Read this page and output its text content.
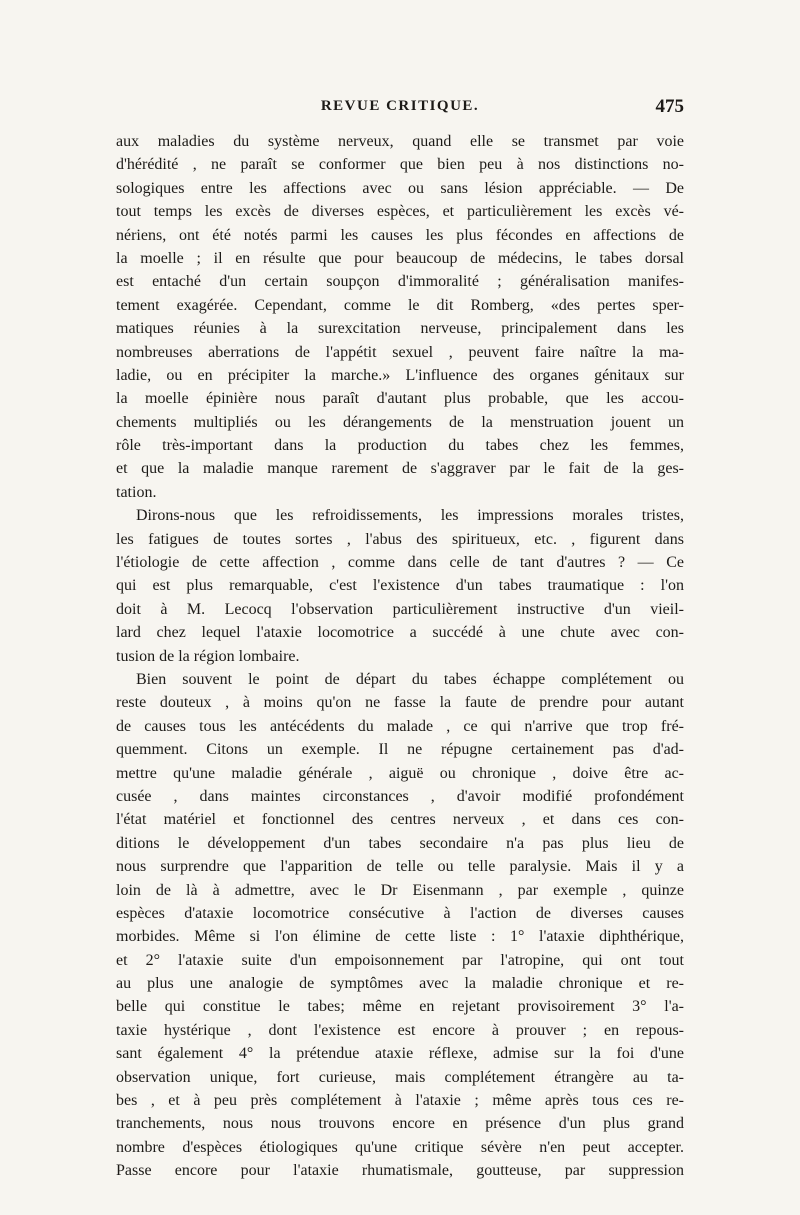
REVUE CRITIQUE.	475
aux maladies du système nerveux, quand elle se transmet par voie
d'hérédité , ne paraît se conformer que bien peu à nos distinctions no-
sologiques entre les affections avec ou sans lésion appréciable. — De
tout temps les excès de diverses espèces, et particulièrement les excès vé-
nériens, ont été notés parmi les causes les plus fécondes en affections de
la moelle ; il en résulte que pour beaucoup de médecins, le tabes dorsal
est entaché d'un certain soupçon d'immoralité ; généralisation manifes-
tement exagérée. Cependant, comme le dit Romberg, «des pertes sper-
matiques réunies à la surexcitation nerveuse, principalement dans les
nombreuses aberrations de l'appétit sexuel , peuvent faire naître la ma-
ladie, ou en précipiter la marche.» L'influence des organes génitaux sur
la moelle épinière nous paraît d'autant plus probable, que les accou-
chements multipliés ou les dérangements de la menstruation jouent un
rôle très-important dans la production du tabes chez les femmes,
et que la maladie manque rarement de s'aggraver par le fait de la ges-
tation.
Dirons-nous que les refroidissements, les impressions morales tristes,
les fatigues de toutes sortes , l'abus des spiritueux, etc. , figurent dans
l'étiologie de cette affection , comme dans celle de tant d'autres ? — Ce
qui est plus remarquable, c'est l'existence d'un tabes traumatique : l'on
doit à M. Lecocq l'observation particulièrement instructive d'un vieil-
lard chez lequel l'ataxie locomotrice a succédé à une chute avec con-
tusion de la région lombaire.
Bien souvent le point de départ du tabes échappe complétement ou
reste douteux , à moins qu'on ne fasse la faute de prendre pour autant
de causes tous les antécédents du malade , ce qui n'arrive que trop fré-
quemment. Citons un exemple. Il ne répugne certainement pas d'ad-
mettre qu'une maladie générale , aiguë ou chronique , doive être ac-
cusée , dans maintes circonstances , d'avoir modifié profondément
l'état matériel et fonctionnel des centres nerveux , et dans ces con-
ditions le développement d'un tabes secondaire n'a pas plus lieu de
nous surprendre que l'apparition de telle ou telle paralysie. Mais il y a
loin de là à admettre, avec le Dr Eisenmann , par exemple , quinze
espèces d'ataxie locomotrice consécutive à l'action de diverses causes
morbides. Même si l'on élimine de cette liste : 1° l'ataxie diphthérique,
et 2° l'ataxie suite d'un empoisonnement par l'atropine, qui ont tout
au plus une analogie de symptômes avec la maladie chronique et re-
belle qui constitue le tabes; même en rejetant provisoirement 3° l'a-
taxie hystérique , dont l'existence est encore à prouver ; en repous-
sant également 4° la prétendue ataxie réflexe, admise sur la foi d'une
observation unique, fort curieuse, mais complétement étrangère au ta-
bes , et à peu près complétement à l'ataxie ; même après tous ces re-
tranchements, nous nous trouvons encore en présence d'un plus grand
nombre d'espèces étiologiques qu'une critique sévère n'en peut accepter.
Passe encore pour l'ataxie rhumatismale, goutteuse, par suppression
